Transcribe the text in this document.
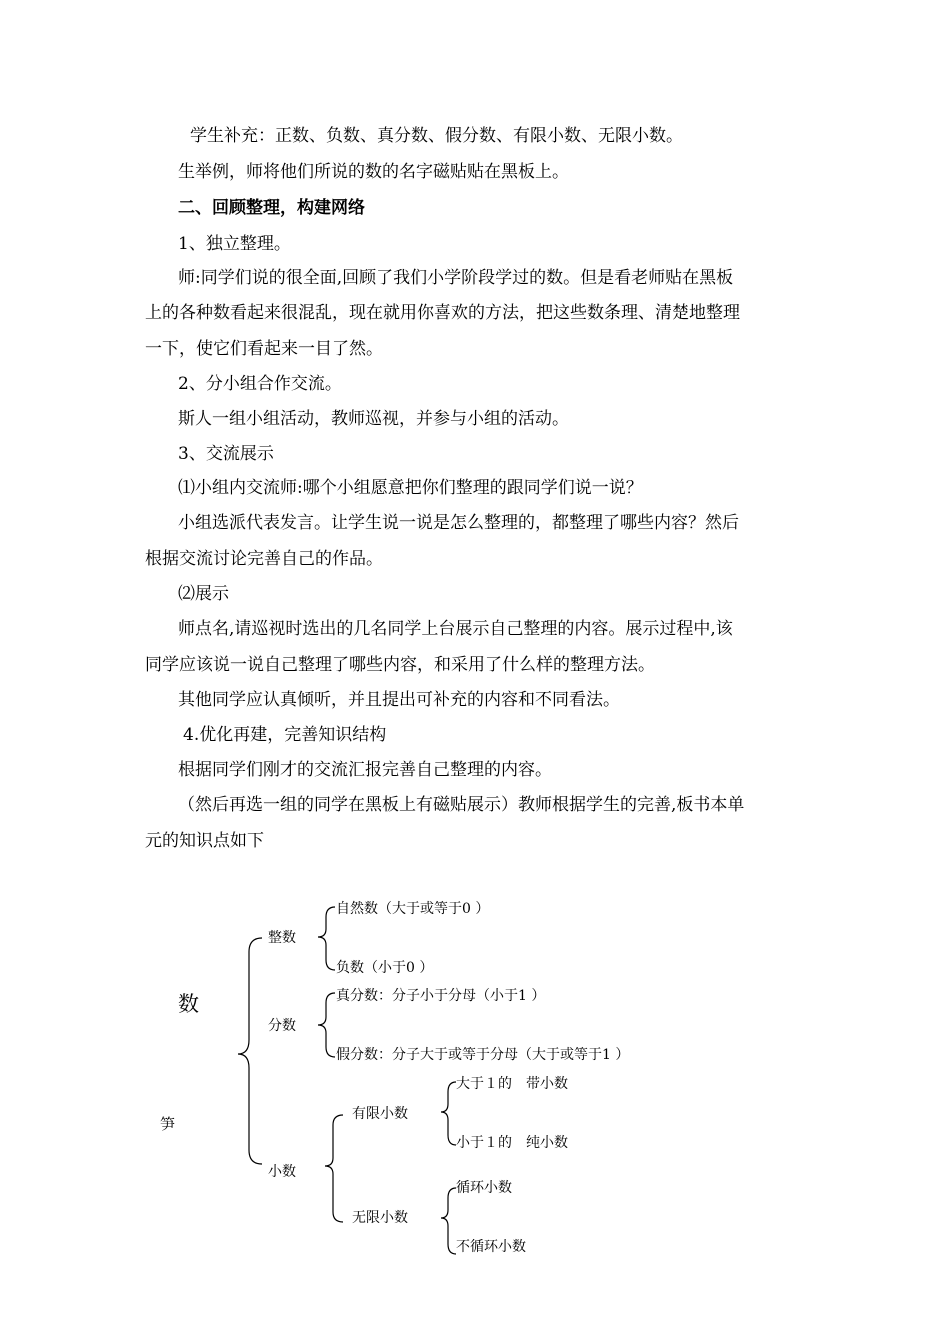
学生补充：正数、负数、真分数、假分数、有限小数、无限小数。
生举例，师将他们所说的数的名字磁贴贴在黑板上。
二、回顾整理，构建网络
1、独立整理。
师:同学们说的很全面,回顾了我们小学阶段学过的数。但是看老师贴在黑板
上的各种数看起来很混乱，现在就用你喜欢的方法，把这些数条理、清楚地整理
一下，使它们看起来一目了然。
2、分小组合作交流。
斯人一组小组活动，教师巡视，并参与小组的活动。
3、交流展示
⑴小组内交流师:哪个小组愿意把你们整理的跟同学们说一说？
小组选派代表发言。让学生说一说是怎么整理的，都整理了哪些内容？然后
根据交流讨论完善自己的作品。
⑵展示
师点名,请巡视时选出的几名同学上台展示自己整理的内容。展示过程中,该
同学应该说一说自己整理了哪些内容，和采用了什么样的整理方法。
其他同学应认真倾听，并且提出可补充的内容和不同看法。
4.优化再建，完善知识结构
根据同学们刚才的交流汇报完善自己整理的内容。
（然后再选一组的同学在黑板上有磁贴展示）教师根据学生的完善,板书本单
元的知识点如下
数
笋
整数
自然数（大于或等于0 ）
负数（小于0 ）
分数
真分数：分子小于分母（小于1 ）
假分数：分子大于或等于分母（大于或等于1 ）
小数
有限小数
大于１的　带小数
小于１的　纯小数
无限小数
循环小数
不循环小数
